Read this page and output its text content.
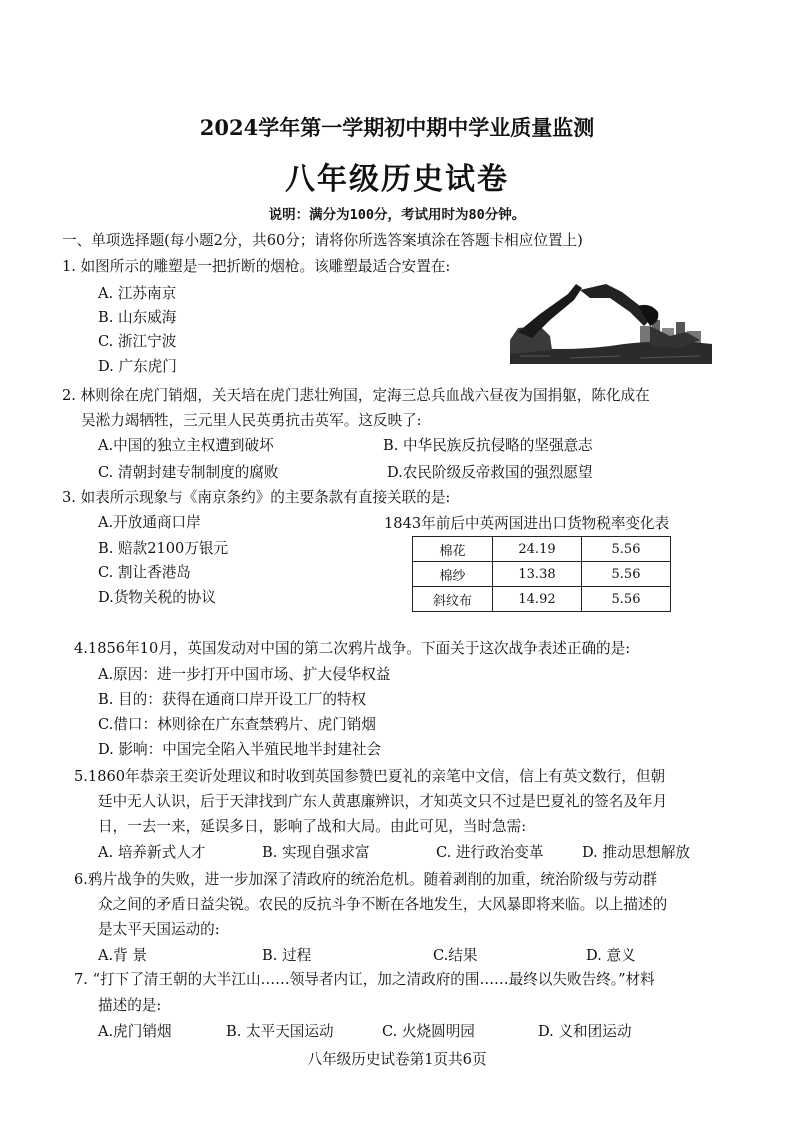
2024学年第一学期初中期中学业质量监测
八年级历史试卷
说明：满分为100分，考试用时为80分钟。
一、单项选择题(每小题2分，共60分；请将你所选答案填涂在答题卡相应位置上)
1. 如图所示的雕塑是一把折断的烟枪。该雕塑最适合安置在:
A. 江苏南京
B. 山东威海
C. 浙江宁波
D. 广东虎门
2. 林则徐在虎门销烟，关天培在虎门悲壮殉国，定海三总兵血战六昼夜为国捐躯，陈化成在
吴淞力竭牺牲，三元里人民英勇抗击英军。这反映了:
A.中国的独立主权遭到破坏	B. 中华民族反抗侵略的坚强意志
C. 清朝封建专制制度的腐败	D.农民阶级反帝救国的强烈愿望
3. 如表所示现象与《南京条约》的主要条款有直接关联的是:
A.开放通商口岸
B. 赔款2100万银元
C. 割让香港岛
D.货物关税的协议
1843年前后中英两国进出口货物税率变化表
棉花	24.19	5.56
棉纱	13.38	5.56
斜纹布	14.92	5.56
4.1856年10月，英国发动对中国的第二次鸦片战争。下面关于这次战争表述正确的是:
A.原因：进一步打开中国市场、扩大侵华权益
B. 目的：获得在通商口岸开设工厂的特权
C.借口：林则徐在广东查禁鸦片、虎门销烟
D. 影响：中国完全陷入半殖民地半封建社会
5.1860年恭亲王奕䜣处理议和时收到英国参赞巴夏礼的亲笔中文信，信上有英文数行，但朝
廷中无人认识，后于天津找到广东人黄惠廉辨识，才知英文只不过是巴夏礼的签名及年月
日，一去一来，延误多日，影响了战和大局。由此可见，当时急需:
A. 培养新式人才	B. 实现自强求富	C. 进行政治变革	D. 推动思想解放
6.鸦片战争的失败，进一步加深了清政府的统治危机。随着剥削的加重，统治阶级与劳动群
众之间的矛盾日益尖锐。农民的反抗斗争不断在各地发生，大风暴即将来临。以上描述的
是太平天国运动的:
A.背 景	B. 过程	C.结果	D. 意义
7. “打下了清王朝的大半江山……领导者内讧，加之清政府的围……最终以失败告终。”材料
描述的是:
A.虎门销烟	B. 太平天国运动	C. 火烧圆明园	D. 义和团运动
八年级历史试卷第1页共6页
